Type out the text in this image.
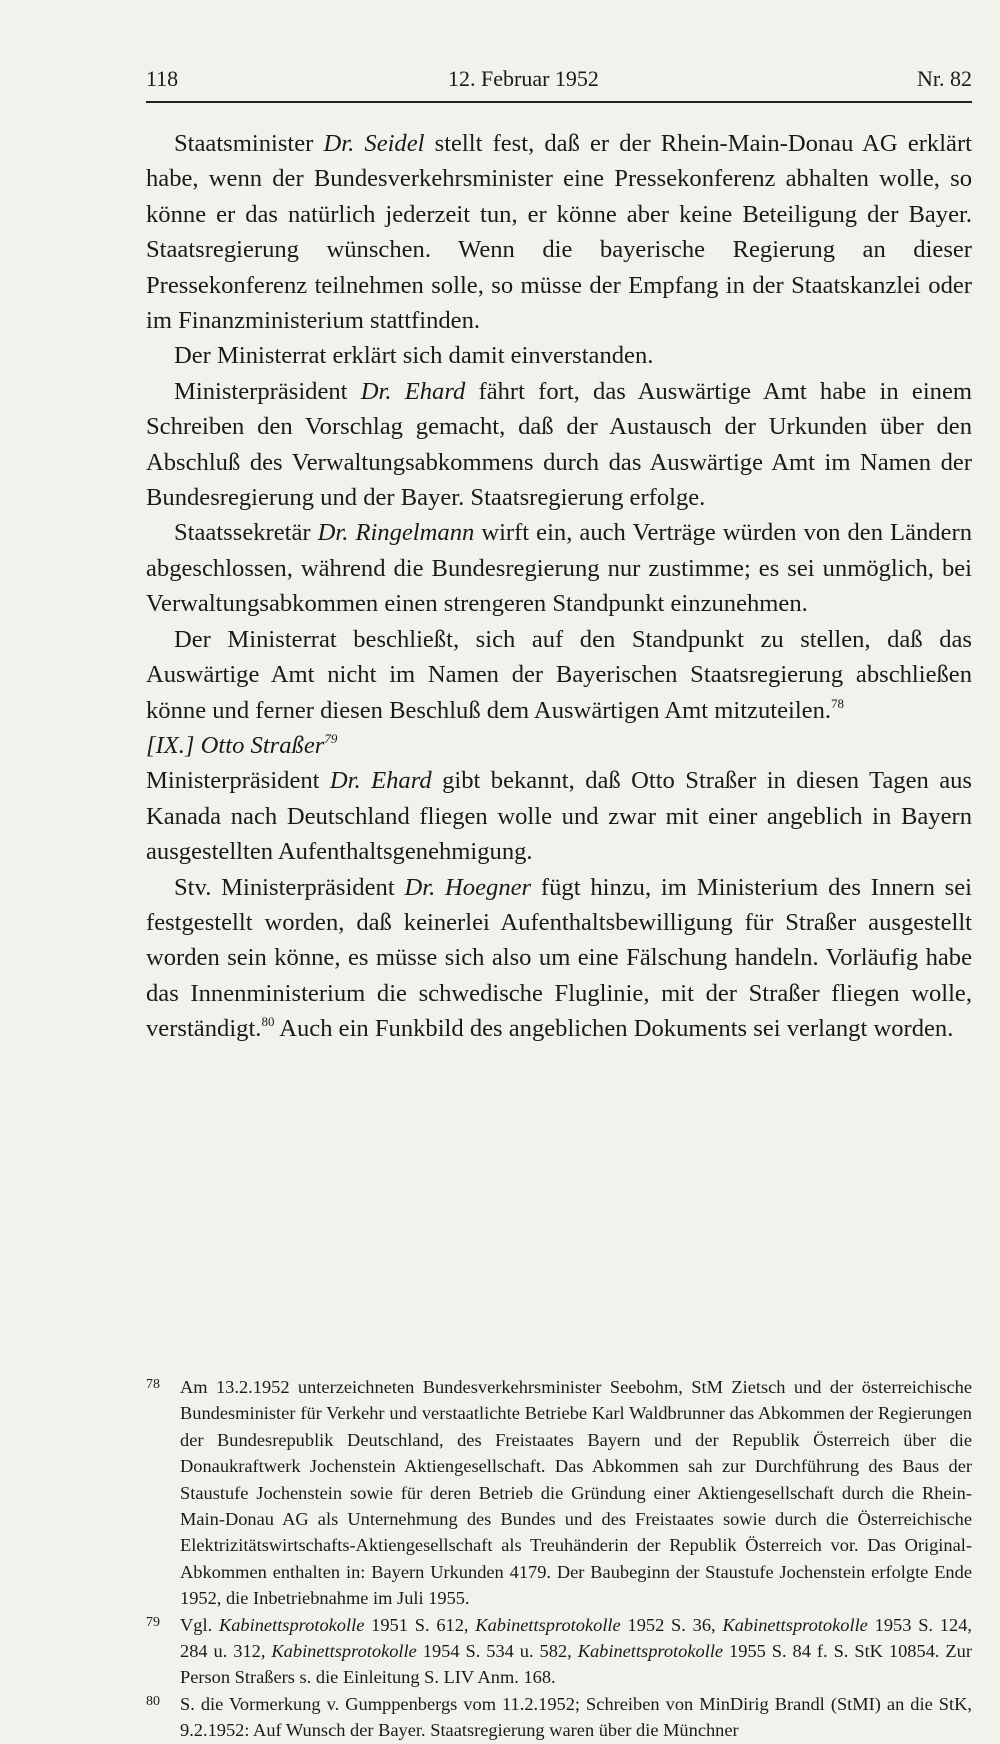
118	12. Februar 1952	Nr. 82

Staatsminister Dr. Seidel stellt fest, daß er der Rhein-Main-Donau AG erklärt habe, wenn der Bundesverkehrsminister eine Pressekonferenz abhalten wolle, so könne er das natürlich jederzeit tun, er könne aber keine Beteiligung der Bayer. Staatsregierung wünschen. Wenn die bayerische Regierung an dieser Pressekonferenz teilnehmen solle, so müsse der Empfang in der Staatskanzlei oder im Finanzministerium stattfinden.

Der Ministerrat erklärt sich damit einverstanden.

Ministerpräsident Dr. Ehard fährt fort, das Auswärtige Amt habe in einem Schreiben den Vorschlag gemacht, daß der Austausch der Urkunden über den Abschluß des Verwaltungsabkommens durch das Auswärtige Amt im Namen der Bundesregierung und der Bayer. Staatsregierung erfolge.

Staatssekretär Dr. Ringelmann wirft ein, auch Verträge würden von den Ländern abgeschlossen, während die Bundesregierung nur zustimme; es sei unmöglich, bei Verwaltungsabkommen einen strengeren Standpunkt einzunehmen.

Der Ministerrat beschließt, sich auf den Standpunkt zu stellen, daß das Auswärtige Amt nicht im Namen der Bayerischen Staatsregierung abschließen könne und ferner diesen Beschluß dem Auswärtigen Amt mitzuteilen.$^{78}$

[IX.] Otto Straßer$^{79}$

Ministerpräsident Dr. Ehard gibt bekannt, daß Otto Straßer in diesen Tagen aus Kanada nach Deutschland fliegen wolle und zwar mit einer angeblich in Bayern ausgestellten Aufenthaltsgenehmigung.

Stv. Ministerpräsident Dr. Hoegner fügt hinzu, im Ministerium des Innern sei festgestellt worden, daß keinerlei Aufenthaltsbewilligung für Straßer ausgestellt worden sein könne, es müsse sich also um eine Fälschung handeln. Vorläufig habe das Innenministerium die schwedische Fluglinie, mit der Straßer fliegen wolle, verständigt.$^{80}$ Auch ein Funkbild des angeblichen Dokuments sei verlangt worden.

78 Am 13.2.1952 unterzeichneten Bundesverkehrsminister Seebohm, StM Zietsch und der österreichische Bundesminister für Verkehr und verstaatlichte Betriebe Karl Waldbrunner das Abkommen der Regierungen der Bundesrepublik Deutschland, des Freistaates Bayern und der Republik Österreich über die Donaukraftwerk Jochenstein Aktiengesellschaft. Das Abkommen sah zur Durchführung des Baus der Staustufe Jochenstein sowie für deren Betrieb die Gründung einer Aktiengesellschaft durch die Rhein-Main-Donau AG als Unternehmung des Bundes und des Freistaates sowie durch die Österreichische Elektrizitätswirtschafts-Aktiengesellschaft als Treuhänderin der Republik Österreich vor. Das Original-Abkommen enthalten in: Bayern Urkunden 4179. Der Baubeginn der Staustufe Jochenstein erfolgte Ende 1952, die Inbetriebnahme im Juli 1955.

79 Vgl. Kabinettsprotokolle 1951 S. 612, Kabinettsprotokolle 1952 S. 36, Kabinettsprotokolle 1953 S. 124, 284 u. 312, Kabinettsprotokolle 1954 S. 534 u. 582, Kabinettsprotokolle 1955 S. 84 f. S. StK 10854. Zur Person Straßers s. die Einleitung S. LIV Anm. 168.

80 S. die Vormerkung v. Gumppenbergs vom 11.2.1952; Schreiben von MinDirig Brandl (StMI) an die StK, 9.2.1952: Auf Wunsch der Bayer. Staatsregierung waren über die Münchner
